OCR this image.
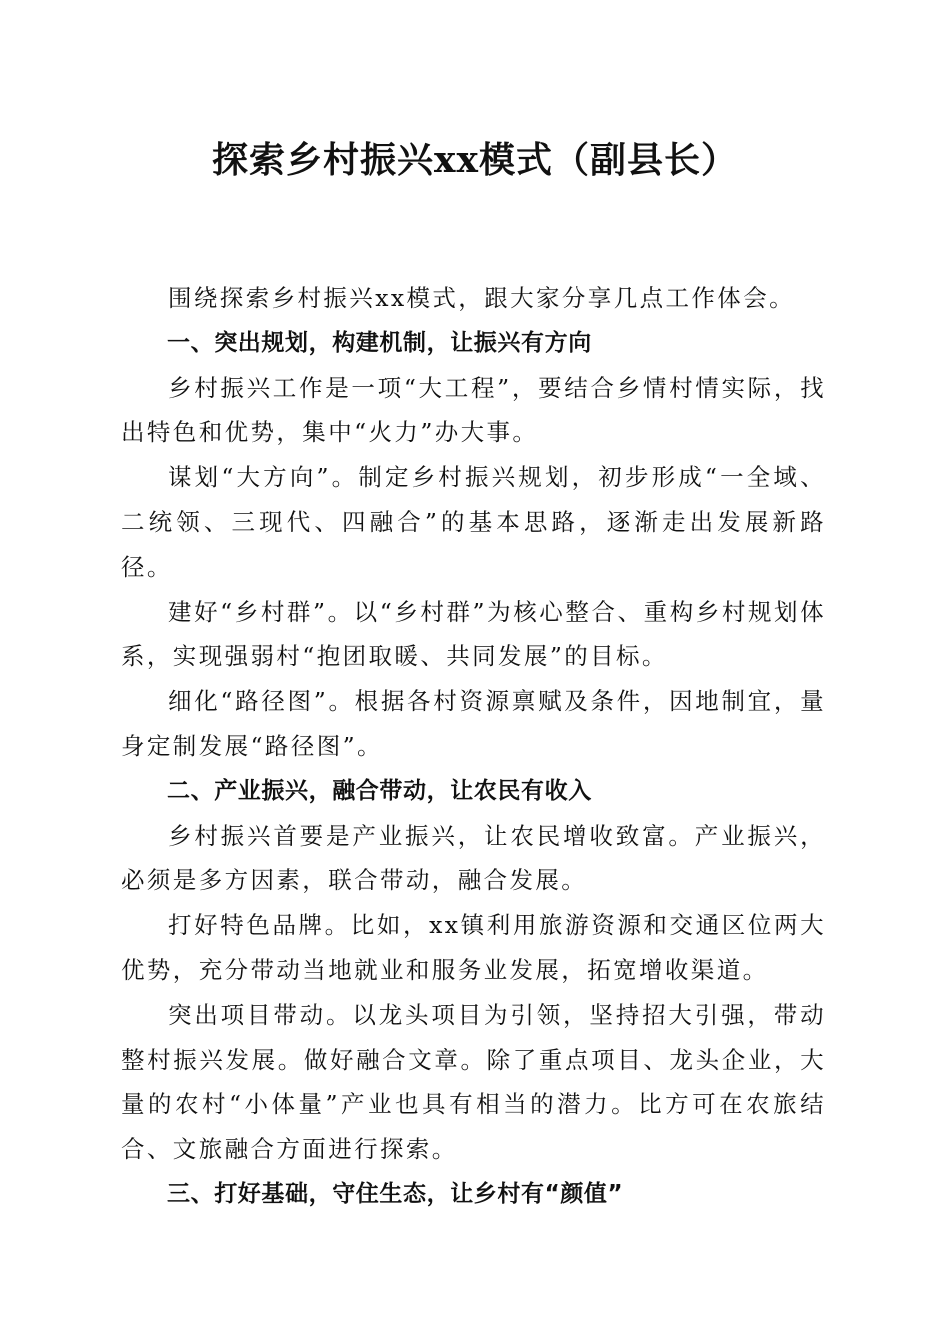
探索乡村振兴xx模式（副县长）

围绕探索乡村振兴xx模式，跟大家分享几点工作体会。

一、突出规划，构建机制，让振兴有方向

乡村振兴工作是一项“大工程”，要结合乡情村情实际，找出特色和优势，集中“火力”办大事。

谋划“大方向”。制定乡村振兴规划，初步形成“一全域、二统领、三现代、四融合”的基本思路，逐渐走出发展新路径。

建好“乡村群”。以“乡村群”为核心整合、重构乡村规划体系，实现强弱村“抱团取暖、共同发展”的目标。

细化“路径图”。根据各村资源禀赋及条件，因地制宜，量身定制发展“路径图”。

二、产业振兴，融合带动，让农民有收入

乡村振兴首要是产业振兴，让农民增收致富。产业振兴，必须是多方因素，联合带动，融合发展。

打好特色品牌。比如，xx镇利用旅游资源和交通区位两大优势，充分带动当地就业和服务业发展，拓宽增收渠道。

突出项目带动。以龙头项目为引领，坚持招大引强，带动整村振兴发展。做好融合文章。除了重点项目、龙头企业，大量的农村“小体量”产业也具有相当的潜力。比方可在农旅结合、文旅融合方面进行探索。

三、打好基础，守住生态，让乡村有“颜值”
